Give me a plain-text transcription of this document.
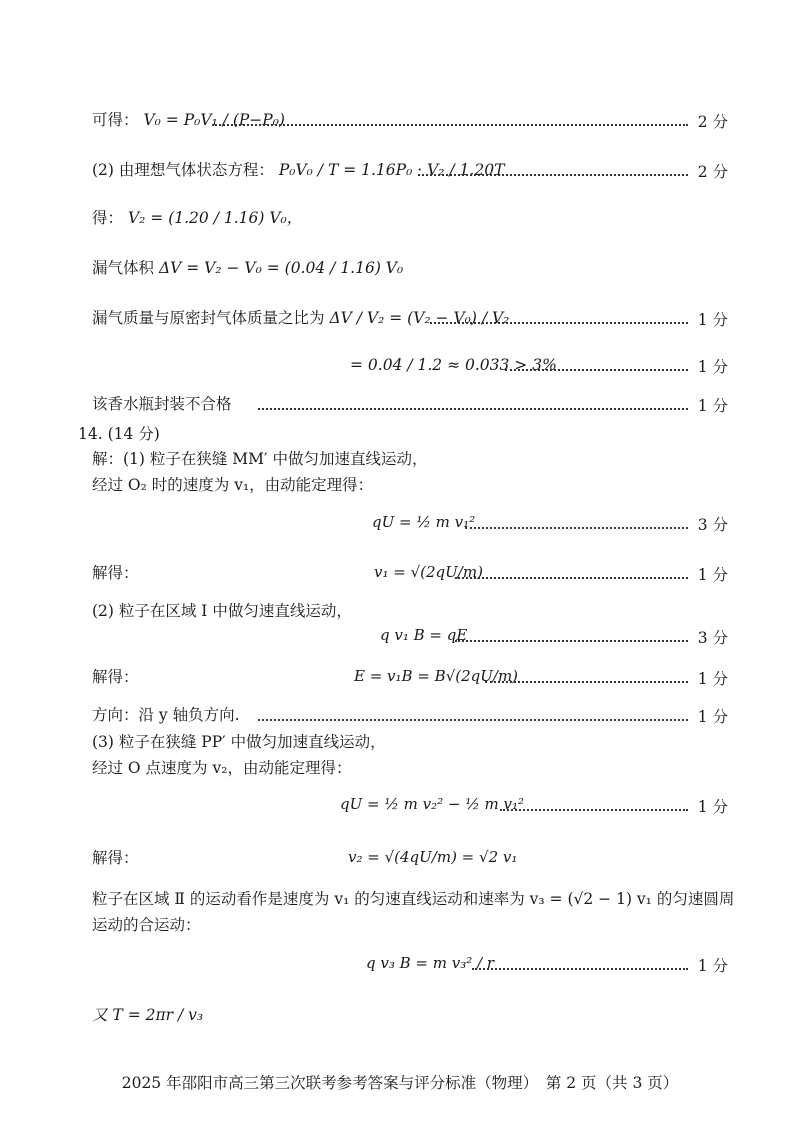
可得： V₀ = P₀V₁ / (P−P₀)	2 分
(2) 由理想气体状态方程： P₀V₀ / T = 1.16P₀ · V₂ / 1.20T	2 分
得： V₂ = (1.20 / 1.16) V₀，
漏气体积 ΔV = V₂ − V₀ = (0.04 / 1.16) V₀
漏气质量与原密封气体质量之比为 ΔV / V₂ = (V₂ − V₀) / V₂	1 分
= 0.04 / 1.2 ≈ 0.033 > 3%	1 分
该香水瓶封装不合格	1 分
14. (14 分)
解：(1) 粒子在狭缝 MM′ 中做匀加速直线运动，
经过 O₂ 时的速度为 v₁，由动能定理得：
qU = ½ m v₁²	3 分
解得：	v₁ = √(2qU/m)	1 分
(2) 粒子在区域 Ⅰ 中做匀速直线运动，
q v₁ B = qE	3 分
解得：	E = v₁B = B√(2qU/m)	1 分
方向：沿 y 轴负方向.	1 分
(3) 粒子在狭缝 PP′ 中做匀加速直线运动，
经过 O 点速度为 v₂，由动能定理得：
qU = ½ m v₂² − ½ m v₁²	1 分
解得：	v₂ = √(4qU/m) = √2 v₁
粒子在区域 Ⅱ 的运动看作是速度为 v₁ 的匀速直线运动和速率为 v₃ = (√2 − 1) v₁ 的匀速圆周
运动的合运动：
q v₃ B = m v₃² / r	1 分
又 T = 2πr / v₃
2025 年邵阳市高三第三次联考参考答案与评分标准（物理）　第 2 页（共 3 页）
